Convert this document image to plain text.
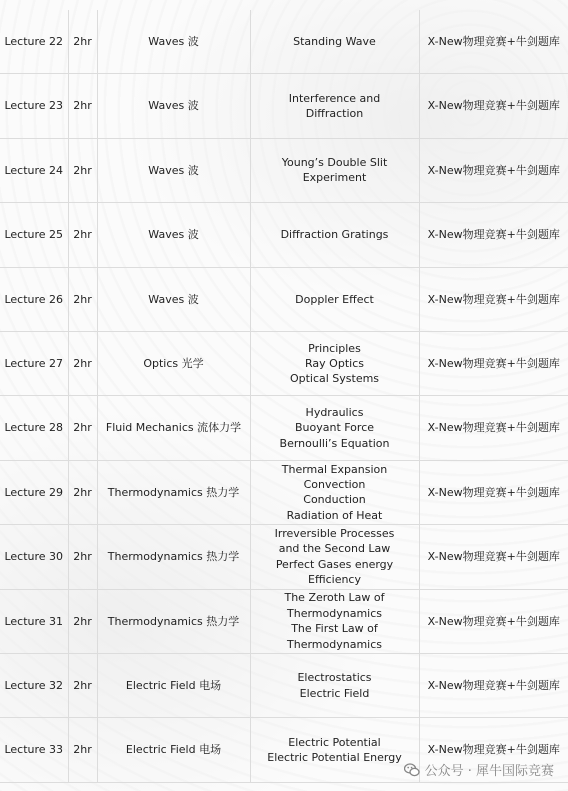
Lecture 22	2hr	Waves 波	Standing Wave	X-New物理竞赛+牛剑题库
Lecture 23	2hr	Waves 波	Interference and
Diffraction	X-New物理竞赛+牛剑题库
Lecture 24	2hr	Waves 波	Young’s Double Slit
Experiment	X-New物理竞赛+牛剑题库
Lecture 25	2hr	Waves 波	Diffraction Gratings	X-New物理竞赛+牛剑题库
Lecture 26	2hr	Waves 波	Doppler Effect	X-New物理竞赛+牛剑题库
Lecture 27	2hr	Optics 光学	Principles
Ray Optics
Optical Systems	X-New物理竞赛+牛剑题库
Lecture 28	2hr	Fluid Mechanics 流体力学	Hydraulics
Buoyant Force
Bernoulli’s Equation	X-New物理竞赛+牛剑题库
Lecture 29	2hr	Thermodynamics 热力学	Thermal Expansion
Convection
Conduction
Radiation of Heat	X-New物理竞赛+牛剑题库
Lecture 30	2hr	Thermodynamics 热力学	Irreversible Processes
and the Second Law
Perfect Gases energy
Efficiency	X-New物理竞赛+牛剑题库
Lecture 31	2hr	Thermodynamics 热力学	The Zeroth Law of
Thermodynamics
The First Law of
Thermodynamics	X-New物理竞赛+牛剑题库
Lecture 32	2hr	Electric Field 电场	Electrostatics
Electric Field	X-New物理竞赛+牛剑题库
Lecture 33	2hr	Electric Field 电场	Electric Potential
Electric Potential Energy	X-New物理竞赛+牛剑题库
公众号 · 犀牛国际竞赛
